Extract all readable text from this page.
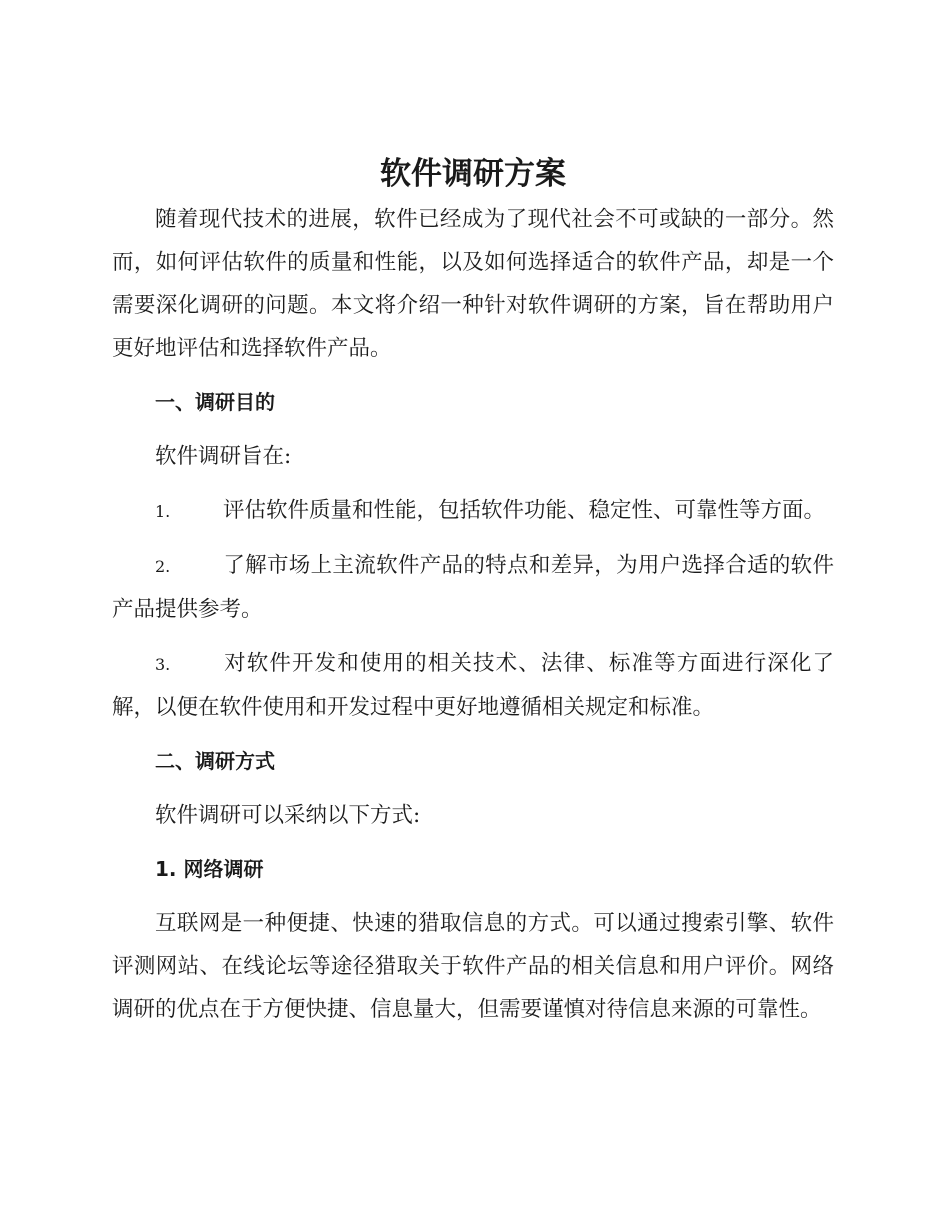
软件调研方案

随着现代技术的进展，软件已经成为了现代社会不可或缺的一部分。然而，如何评估软件的质量和性能，以及如何选择适合的软件产品，却是一个需要深化调研的问题。本文将介绍一种针对软件调研的方案，旨在帮助用户更好地评估和选择软件产品。

一、调研目的

软件调研旨在:

1. 评估软件质量和性能，包括软件功能、稳定性、可靠性等方面。

2. 了解市场上主流软件产品的特点和差异，为用户选择合适的软件产品提供参考。

3. 对软件开发和使用的相关技术、法律、标准等方面进行深化了解，以便在软件使用和开发过程中更好地遵循相关规定和标准。

二、调研方式

软件调研可以采纳以下方式:

1. 网络调研

互联网是一种便捷、快速的猎取信息的方式。可以通过搜索引擎、软件评测网站、在线论坛等途径猎取关于软件产品的相关信息和用户评价。网络调研的优点在于方便快捷、信息量大，但需要谨慎对待信息来源的可靠性。
